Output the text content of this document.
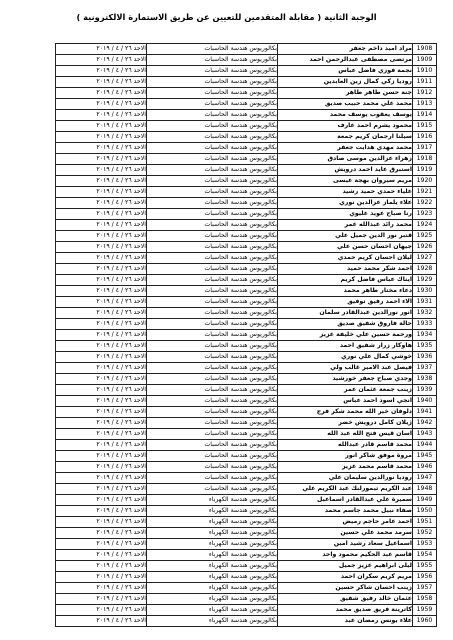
الوجبة الثانية ( مقابلة المتقدمين للتعيين عن طريق الاستمارة الالكترونية )
1908	مراد اميد داخم جعفر	بكالوريوس هندسة الحاسبات	الاحد ٢٦ / ٤ / ٢٠١٩
1909	مرتضى مصطفى عبدالرحمن احمد	بكالوريوس هندسة الحاسبات	الاحد ٢٦ / ٤ / ٢٠١٩
1910	نجمة فوزي فاضل عباس	بكالوريوس هندسة الحاسبات	الاحد ٢٦ / ٤ / ٢٠١٩
1911	روديا زكي كمال زين العابدين	بكالوريوس هندسة الحاسبات	الاحد ٢٦ / ٤ / ٢٠١٩
1912	جنة حسن طاهر طاهر	بكالوريوس هندسة الحاسبات	الاحد ٢٦ / ٤ / ٢٠١٩
1913	محمد علي محمد حبيب صديق	بكالوريوس هندسة الحاسبات	الاحد ٢٦ / ٤ / ٢٠١٩
1914	يوسف يعقوب يوسف محمد	بكالوريوس هندسة الحاسبات	الاحد ٢٦ / ٤ / ٢٠١٩
1915	محمود يشرم احمد عارف	بكالوريوس هندسة الحاسبات	الاحد ٢٦ / ٤ / ٢٠١٩
1916	سيلنا ارجمان كريم جمعة	بكالوريوس هندسة الحاسبات	الاحد ٢٦ / ٤ / ٢٠١٩
1917	محمد مهدي هدايت جعفر	بكالوريوس هندسة الحاسبات	الاحد ٢٦ / ٤ / ٢٠١٩
1918	زهراء عزالدين موسى صادق	بكالوريوس هندسة الحاسبات	الاحد ٢٦ / ٤ / ٢٠١٩
1919	استبرق عايد احمد درويش	بكالوريوس هندسة الحاسبات	الاحد ٢٦ / ٤ / ٢٠١٩
1920	مريم سيروان بهجة عيسى	بكالوريوس هندسة الحاسبات	الاحد ٢٦ / ٤ / ٢٠١٩
1921	علياء حمدي حميد رشيد	بكالوريوس هندسة الحاسبات	الاحد ٢٦ / ٤ / ٢٠١٩
1922	علاء يلماز عزالدين نوري	بكالوريوس هندسة الحاسبات	الاحد ٢٦ / ٤ / ٢٠١٩
1923	رنا صباح عويد عليوي	بكالوريوس هندسة الحاسبات	الاحد ٢٦ / ٤ / ٢٠١٩
1924	محمد رائد عبدالله عمر	بكالوريوس هندسة الحاسبات	الاحد ٢٦ / ٤ / ٢٠١٩
1925	قنبر نور الدين جميل علي	بكالوريوس هندسة الحاسبات	الاحد ٢٦ / ٤ / ٢٠١٩
1926	جيهان احسان حسن علي	بكالوريوس هندسة الحاسبات	الاحد ٢٦ / ٤ / ٢٠١٩
1927	ليلان احسان كريم حمدي	بكالوريوس هندسة الحاسبات	الاحد ٢٦ / ٤ / ٢٠١٩
1928	احمد شكر محمد حميد	بكالوريوس هندسة الحاسبات	الاحد ٢٦ / ٤ / ٢٠١٩
1929	ايناك عباس فاضل كريم	بكالوريوس هندسة الحاسبات	الاحد ٢٦ / ٤ / ٢٠١٩
1930	دعاء مختار طاهر محمد	بكالوريوس هندسة الحاسبات	الاحد ٢٦ / ٤ / ٢٠١٩
1931	الاء احمد رفيق توفيق	بكالوريوس هندسة الحاسبات	الاحد ٢٦ / ٤ / ٢٠١٩
1932	انور نورالدين عبدالقادر سلمان	بكالوريوس هندسة الحاسبات	الاحد ٢٦ / ٤ / ٢٠١٩
1933	حالة فاروق شفيق صديق	بكالوريوس هندسة الحاسبات	الاحد ٢٦ / ٤ / ٢٠١٩
1934	ورحمة حسين علي خليفة عزيز	بكالوريوس هندسة الحاسبات	الاحد ٢٦ / ٤ / ٢٠١٩
1935	هاوكار زرار شفيق احمد	بكالوريوس هندسة الحاسبات	الاحد ٢٦ / ٤ / ٢٠١٩
1936	خوشي كمال علي نوري	بكالوريوس هندسة الحاسبات	الاحد ٢٦ / ٤ / ٢٠١٩
1937	فيصل عبد الامير غالب ولي	بكالوريوس هندسة الحاسبات	الاحد ٢٦ / ٤ / ٢٠١٩
1938	وجدي صباح جعفر خورشيد	بكالوريوس هندسة الحاسبات	الاحد ٢٦ / ٤ / ٢٠١٩
1939	زينب جمعة عثمان عمر	بكالوريوس هندسة الحاسبات	الاحد ٢٦ / ٤ / ٢٠١٩
1940	انجي اسود احمد عباس	بكالوريوس هندسة الحاسبات	الاحد ٢٦ / ٤ / ٢٠١٩
1941	دلوفان خير الله محمد شكر فرج	بكالوريوس هندسة الحاسبات	الاحد ٢٦ / ٤ / ٢٠١٩
1942	ژيلان كامل درويش خضر	بكالوريوس هندسة الحاسبات	الاحد ٢٦ / ٤ / ٢٠١٩
1943	اسان قيس فتح الله عبد الله	بكالوريوس هندسة الحاسبات	الاحد ٢٦ / ٤ / ٢٠١٩
1944	محمد قاسم قادر عبدالله	بكالوريوس هندسة الحاسبات	الاحد ٢٦ / ٤ / ٢٠١٩
1945	مروة موفق شاكر انور	بكالوريوس هندسة الحاسبات	الاحد ٢٦ / ٤ / ٢٠١٩
1946	محمد قاسم محمد عزيز	بكالوريوس هندسة الحاسبات	الاحد ٢٦ / ٤ / ٢٠١٩
1947	روديا نورالدين سليمان علي	بكالوريوس هندسة الحاسبات	الاحد ٢٦ / ٤ / ٢٠١٩
1948	عبد الكريم تيمورلنك عبد الكريم علي	بكالوريوس هندسة الحاسبات	الاحد ٢٦ / ٤ / ٢٠١٩
1949	سميرة علي عبدالقادر اسماعيل	بكالوريوس هندسة الكهرباء	الاحد ٢٦ / ٤ / ٢٠١٩
1950	صفاء نبيل محمد جاسم محمد	بكالوريوس هندسة الكهرباء	الاحد ٢٦ / ٤ / ٢٠١٩
1951	احمد عامر حاجم رميض	بكالوريوس هندسة الكهرباء	الاحد ٢٦ / ٤ / ٢٠١٩
1952	سرمد محمد علي حسين	بكالوريوس هندسة الكهرباء	الاحد ٢٦ / ٤ / ٢٠١٩
1953	اسماعيل سعاد رشيد امين	بكالوريوس هندسة الكهرباء	الاحد ٢٦ / ٤ / ٢٠١٩
1954	قاسم عبد الحكيم محمود واحد	بكالوريوس هندسة الكهرباء	الاحد ٢٦ / ٤ / ٢٠١٩
1955	ليلى ابراهيم عزيز جميل	بكالوريوس هندسة الكهرباء	الاحد ٢٦ / ٤ / ٢٠١٩
1956	مريم كريم سكران احمد	بكالوريوس هندسة الكهرباء	الاحد ٢٦ / ٤ / ٢٠١٩
1957	زينب احسان شاكر حسين	بكالوريوس هندسة الكهرباء	الاحد ٢٦ / ٤ / ٢٠١٩
1958	عثمان خالد رفيق شفيق	بكالوريوس هندسة الكهرباء	الاحد ٢٦ / ٤ / ٢٠١٩
1959	كاترينة فريق صديق محمد	بكالوريوس هندسة الكهرباء	الاحد ٢٦ / ٤ / ٢٠١٩
1960	علاء يونس رمضان عبد	بكالوريوس هندسة الكهرباء	الاحد ٢٦ / ٤ / ٢٠١٩
